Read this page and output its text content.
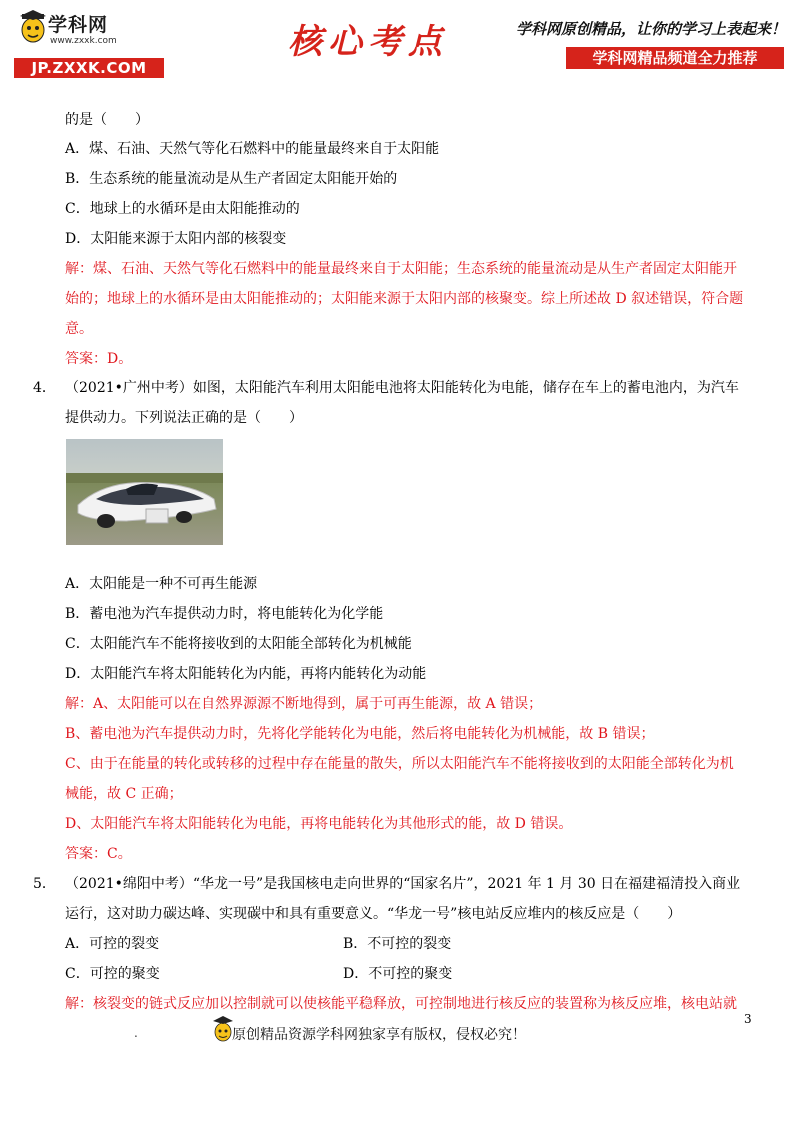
学科网
www.zxxk.com
JP.ZXXK.COM
核心考点	学科网原创精品，让你的学习上表起来！
学科网精品频道全力推荐
的是（　　）
A．煤、石油、天然气等化石燃料中的能量最终来自于太阳能
B．生态系统的能量流动是从生产者固定太阳能开始的
C．地球上的水循环是由太阳能推动的
D．太阳能来源于太阳内部的核裂变
解：煤、石油、天然气等化石燃料中的能量最终来自于太阳能；生态系统的能量流动是从生产者固定太阳能开
始的；地球上的水循环是由太阳能推动的；太阳能来源于太阳内部的核聚变。综上所述故 D 叙述错误，符合题
意。
答案：D。
4． （2021•广州中考）如图，太阳能汽车利用太阳能电池将太阳能转化为电能，储存在车上的蓄电池内，为汽车
提供动力。下列说法正确的是（　　）
A．太阳能是一种不可再生能源
B．蓄电池为汽车提供动力时，将电能转化为化学能
C．太阳能汽车不能将接收到的太阳能全部转化为机械能
D．太阳能汽车将太阳能转化为内能，再将内能转化为动能
解：A、太阳能可以在自然界源源不断地得到，属于可再生能源，故 A 错误；
B、蓄电池为汽车提供动力时，先将化学能转化为电能，然后将电能转化为机械能，故 B 错误；
C、由于在能量的转化或转移的过程中存在能量的散失，所以太阳能汽车不能将接收到的太阳能全部转化为机
械能，故 C 正确；
D、太阳能汽车将太阳能转化为电能，再将电能转化为其他形式的能，故 D 错误。
答案：C。
5． （2021•绵阳中考）“华龙一号”是我国核电走向世界的“国家名片”，2021 年 1 月 30 日在福建福清投入商业
运行，这对助力碳达峰、实现碳中和具有重要意义。“华龙一号”核电站反应堆内的核反应是（　　）
A．可控的裂变	B．不可控的裂变
C．可控的聚变	D．不可控的聚变
解：核裂变的链式反应加以控制就可以使核能平稳释放，可控制地进行核反应的装置称为核反应堆，核电站就
3
.	原创精品资源学科网独家享有版权，侵权必究！
